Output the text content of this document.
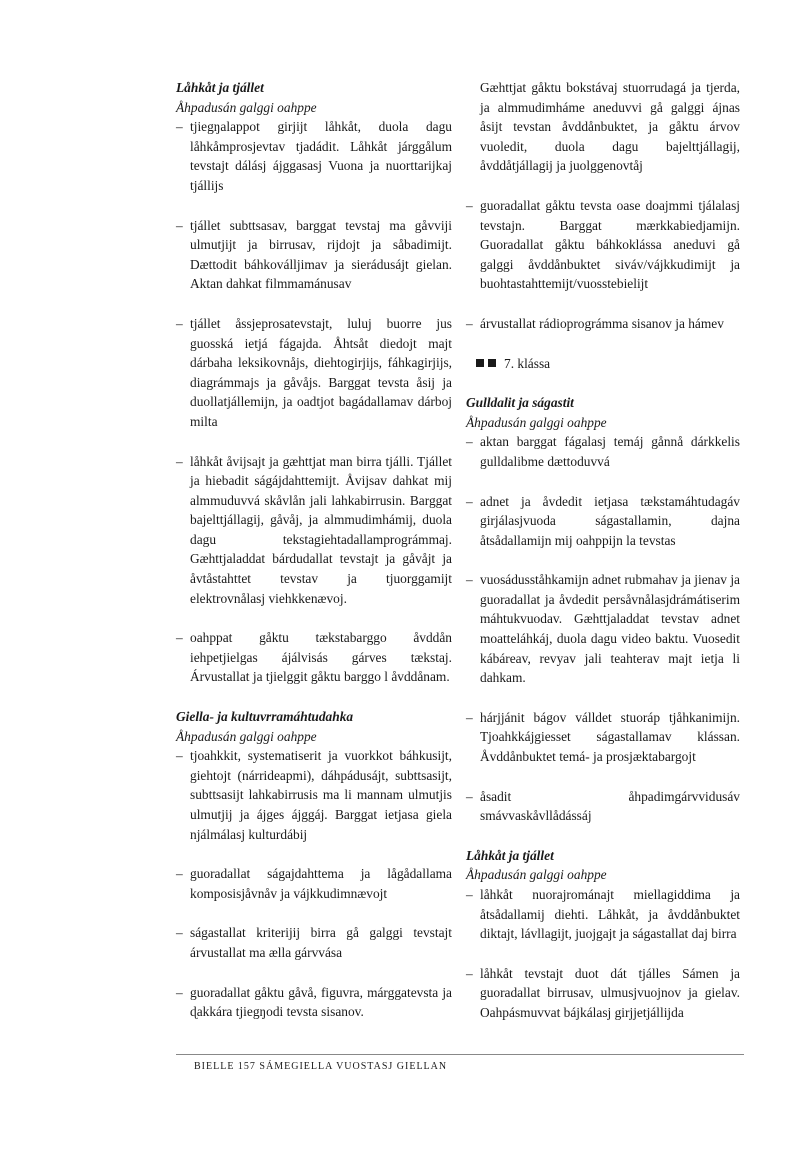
Låhkåt ja tjállet

Åhpadusán galggi oahppe

– tjiegŋalappot girjijt låhkåt, duola dagu låhkåmprosjevtav tjadádit. Låhkåt járggålum tevstajt dálásj ájggasasj Vuona ja nuorttarijkaj tjállijs

– tjállet subttsasav, barggat tevstaj ma gåvviji ulmutjijt ja birrusav, rijdojt ja såbadimijt. Dættodit báhkoválljimav ja sierádusájt gielan. Aktan dahkat filmmamánusav

– tjállet åssjeprosatevstajt, luluj buorre jus guosská ietjá fágajda. Åhtsåt diedojt majt dárbaha leksikovnåjs, diehtogirjijs, fáhkagirjijs, diagrámmajs ja gåvåjs. Barggat tevsta åsij ja duollatjállemijn, ja oadtjot bagádallamav dárboj milta

– låhkåt åvijsajt ja gæhttjat man birra tjálli. Tjállet ja hiebadit ságájdahttemijt. Åvijsav dahkat mij almmuduvvá skåvlån jali lahkabirrusin. Barggat bajelttjállagij, gåvåj, ja almmudimhámij, duola dagu tekstagiehtadallamprográmmaj. Gæhttjaladdat bárdudallat tevstajt ja gåvåjt ja åvtåstahttet tevstav ja tjuorggamijt elektrovnålasj viehkkenævoj.

– oahppat gåktu tækstabarggo åvddån iehpetjielgas ájálvisás gárves tækstaj. Árvustallat ja tjielggit gåktu barggo l åvddånam.

Giella- ja kultuvrramáhtudahka

Åhpadusán galggi oahppe

– tjoahkkit, systematiserit ja vuorkkot báhkusijt, giehtojt (nárrideapmi), dáhpádusájt, subttsasijt, subttsasijt lahkabirrusis ma li mannam ulmutjis ulmutjij ja ájges ájggáj. Barggat ietjasa giela njálmálasj kulturdábij

– guoradallat ságajdahttema ja lågådallama komposisjåvnåv ja vájkkudimnævojt

– ságastallat kriterijij birra gå galggi tevstajt árvustallat ma ælla gárvvása

– guoradallat gåktu gåvå, figuvra, márggatevsta ja ɖakkára tjiegŋodi tevsta sisanov.

Gæhttjat gåktu bokstávaj stuorrudagá ja tjerda, ja almmudimháme aneduvvi gå galggi ájnas åsijt tevstan åvddånbuktet, ja gåktu árvov vuoledit, duola dagu bajelttjállagij, åvddåtjállagij ja juolggenovtåj

– guoradallat gåktu tevsta oase doajmmi tjálalasj tevstajn. Barggat mærkkabiedjamijn. Guoradallat gåktu báhkoklássa aneduvi gå galggi åvddånbuktet siváv/vájkkudimijt ja buohtastahttemijt/vuosstebielijt

– árvustallat rádioprográmma sisanov ja hámev

7. klássa

Gulldalit ja ságastit

Åhpadusán galggi oahppe

– aktan barggat fágalasj temáj gånnå dárkkelis gulldalibme dættoduvvá

– adnet ja åvdedit ietjasa tækstamáhtudagáv girjálasjvuoda ságastallamin, dajna åtsådallamijn mij oahppijn la tevstas

– vuosádusståhkamijn adnet rubmahav ja jienav ja guoradallat ja åvdedit persåvnålasjdrámátiserim máhtukvuodav. Gæhttjaladdat tevstav adnet moatteláhkáj, duola dagu video baktu. Vuosedit kábáreav, revyav jali teahterav majt ietja li dahkam.

– hárjjánit bágov válldet stuoráp tjåhkanimijn. Tjoahkkájgiesset ságastallamav klássan. Åvddånbuktet temá- ja prosjæktabargojt

– åsadit åhpadimgárvvidusáv smávvaskåvllådássáj

Låhkåt ja tjállet

Åhpadusán galggi oahppe

– låhkåt nuorajrománajt miellagiddima ja åtsådallamij diehti. Låhkåt, ja åvddånbuktet diktajt, lávllagijt, juojgajt ja ságastallat daj birra

– låhkåt tevstajt duot dát tjálles Sámen ja guoradallat birrusav, ulmusjvuojnov ja gielav. Oahpásmuvvat bájkálasj girjjetjállijda

BIELLE 157 SÁMEGIELLA VUOSTASJ GIELLAN
